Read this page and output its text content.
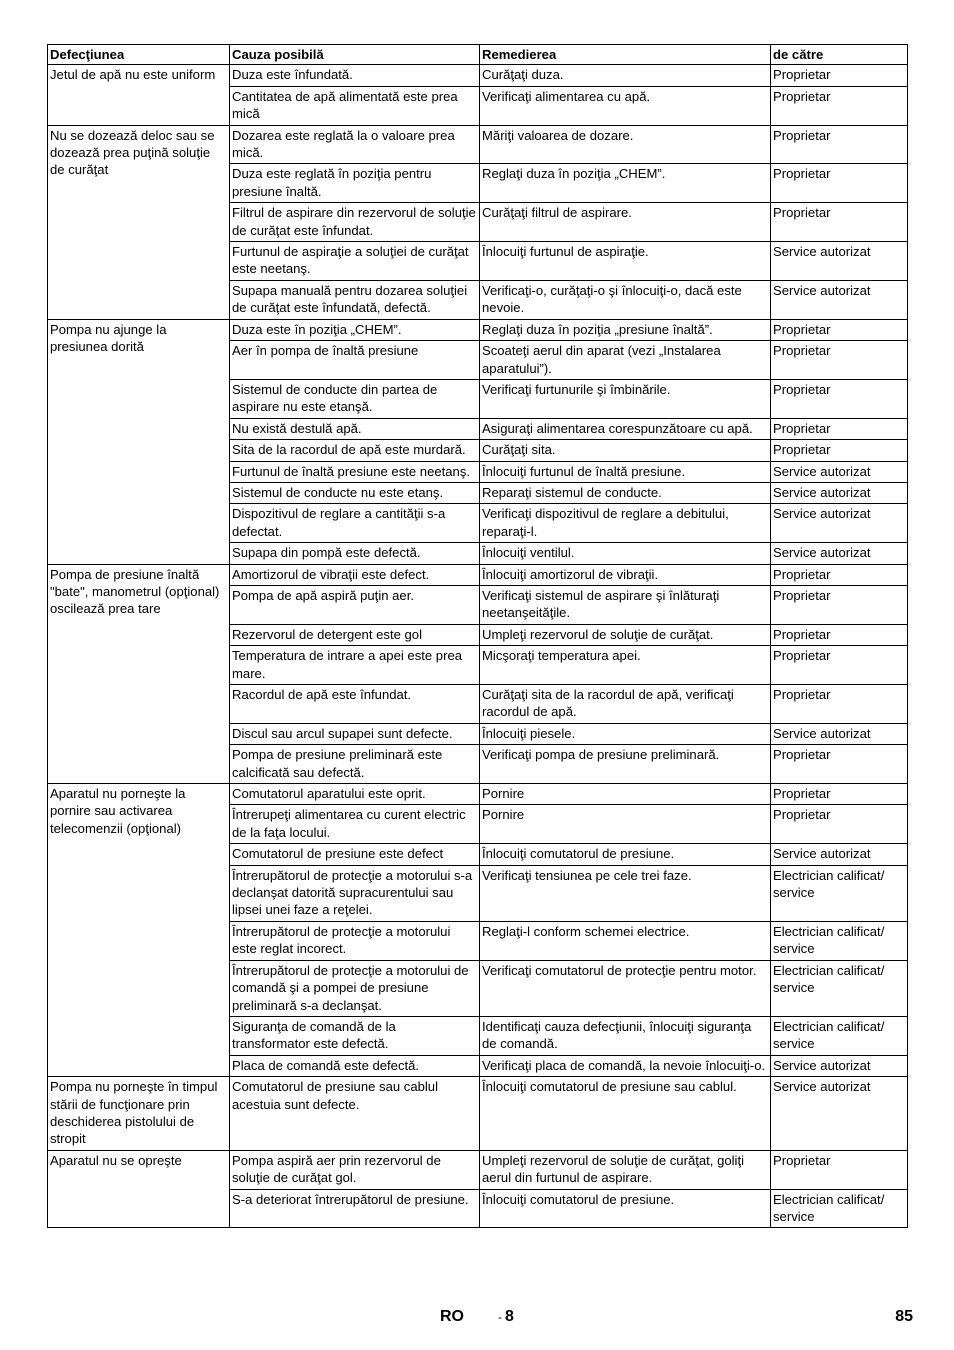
Defecţiunea	Cauza posibilă	Remedierea	de către
Jetul de apă nu este uniform	Duza este înfundată.	Curăţaţi duza.	Proprietar
	Cantitatea de apă alimentată este prea mică	Verificaţi alimentarea cu apă.	Proprietar
Nu se dozează deloc sau se dozează prea puţină soluţie de curăţat	Dozarea este reglată la o valoare prea mică.	Măriţi valoarea de dozare.	Proprietar
	Duza este reglată în poziţia pentru presiune înaltă.	Reglaţi duza în poziţia „CHEM”.	Proprietar
	Filtrul de aspirare din rezervorul de soluţie de curăţat este înfundat.	Curăţaţi filtrul de aspirare.	Proprietar
	Furtunul de aspiraţie a soluţiei de curăţat este neetanş.	Înlocuiţi furtunul de aspiraţie.	Service autorizat
	Supapa manuală pentru dozarea soluţiei de curăţat este înfundată, defectă.	Verificaţi-o, curăţaţi-o şi înlocuiţi-o, dacă este nevoie.	Service autorizat
Pompa nu ajunge la presiunea dorită	Duza este în poziţia „CHEM”.	Reglaţi duza în poziţia „presiune înaltă”.	Proprietar
	Aer în pompa de înaltă presiune	Scoateţi aerul din aparat (vezi „Instalarea aparatului”).	Proprietar
	Sistemul de conducte din partea de aspirare nu este etanşă.	Verificaţi furtunurile şi îmbinările.	Proprietar
	Nu există destulă apă.	Asiguraţi alimentarea corespunzătoare cu apă.	Proprietar
	Sita de la racordul de apă este murdară.	Curăţaţi sita.	Proprietar
	Furtunul de înaltă presiune este neetanş.	Înlocuiţi furtunul de înaltă presiune.	Service autorizat
	Sistemul de conducte nu este etanş.	Reparaţi sistemul de conducte.	Service autorizat
	Dispozitivul de reglare a cantităţii s-a defectat.	Verificaţi dispozitivul de reglare a debitului, reparaţi-l.	Service autorizat
	Supapa din pompă este defectă.	Înlocuiţi ventilul.	Service autorizat
Pompa de presiune înaltă "bate", manometrul (opţional) oscilează prea tare	Amortizorul de vibraţii este defect.	Înlocuiţi amortizorul de vibraţii.	Proprietar
	Pompa de apă aspiră puţin aer.	Verificaţi sistemul de aspirare şi înlăturaţi neetanşeităţile.	Proprietar
	Rezervorul de detergent este gol	Umpleţi rezervorul de soluţie de curăţat.	Proprietar
	Temperatura de intrare a apei este prea mare.	Micşoraţi temperatura apei.	Proprietar
	Racordul de apă este înfundat.	Curăţaţi sita de la racordul de apă, verificaţi racordul de apă.	Proprietar
	Discul sau arcul supapei sunt defecte.	Înlocuiţi piesele.	Service autorizat
	Pompa de presiune preliminară este calcificată sau defectă.	Verificaţi pompa de presiune preliminară.	Proprietar
Aparatul nu porneşte la pornire sau activarea telecomenzii (opţional)	Comutatorul aparatului este oprit.	Pornire	Proprietar
	Întrerupeţi alimentarea cu curent electric de la faţa locului.	Pornire	Proprietar
	Comutatorul de presiune este defect	Înlocuiţi comutatorul de presiune.	Service autorizat
	Întrerupătorul de protecţie a motorului s-a declanşat datorită supracurentului sau lipsei unei faze a reţelei.	Verificaţi tensiunea pe cele trei faze.	Electrician calificat/ service
	Întrerupătorul de protecţie a motorului este reglat incorect.	Reglaţi-l conform schemei electrice.	Electrician calificat/ service
	Întrerupătorul de protecţie a motorului de comandă şi a pompei de presiune preliminară s-a declanşat.	Verificaţi comutatorul de protecţie pentru motor.	Electrician calificat/ service
	Siguranţa de comandă de la transformator este defectă.	Identificaţi cauza defecţiunii, înlocuiţi siguranţa de comandă.	Electrician calificat/ service
	Placa de comandă este defectă.	Verificaţi placa de comandă, la nevoie înlocuiţi-o.	Service autorizat
Pompa nu porneşte în timpul stării de funcţionare prin deschiderea pistolului de stropit	Comutatorul de presiune sau cablul acestuia sunt defecte.	Înlocuiţi comutatorul de presiune sau cablul.	Service autorizat
Aparatul nu se opreşte	Pompa aspiră aer prin rezervorul de soluţie de curăţat gol.	Umpleţi rezervorul de soluţie de curăţat, goliţi aerul din furtunul de aspirare.	Proprietar
	S-a deteriorat întrerupătorul de presiune.	Înlocuiţi comutatorul de presiune.	Electrician calificat/ service
RO	- 8	85
